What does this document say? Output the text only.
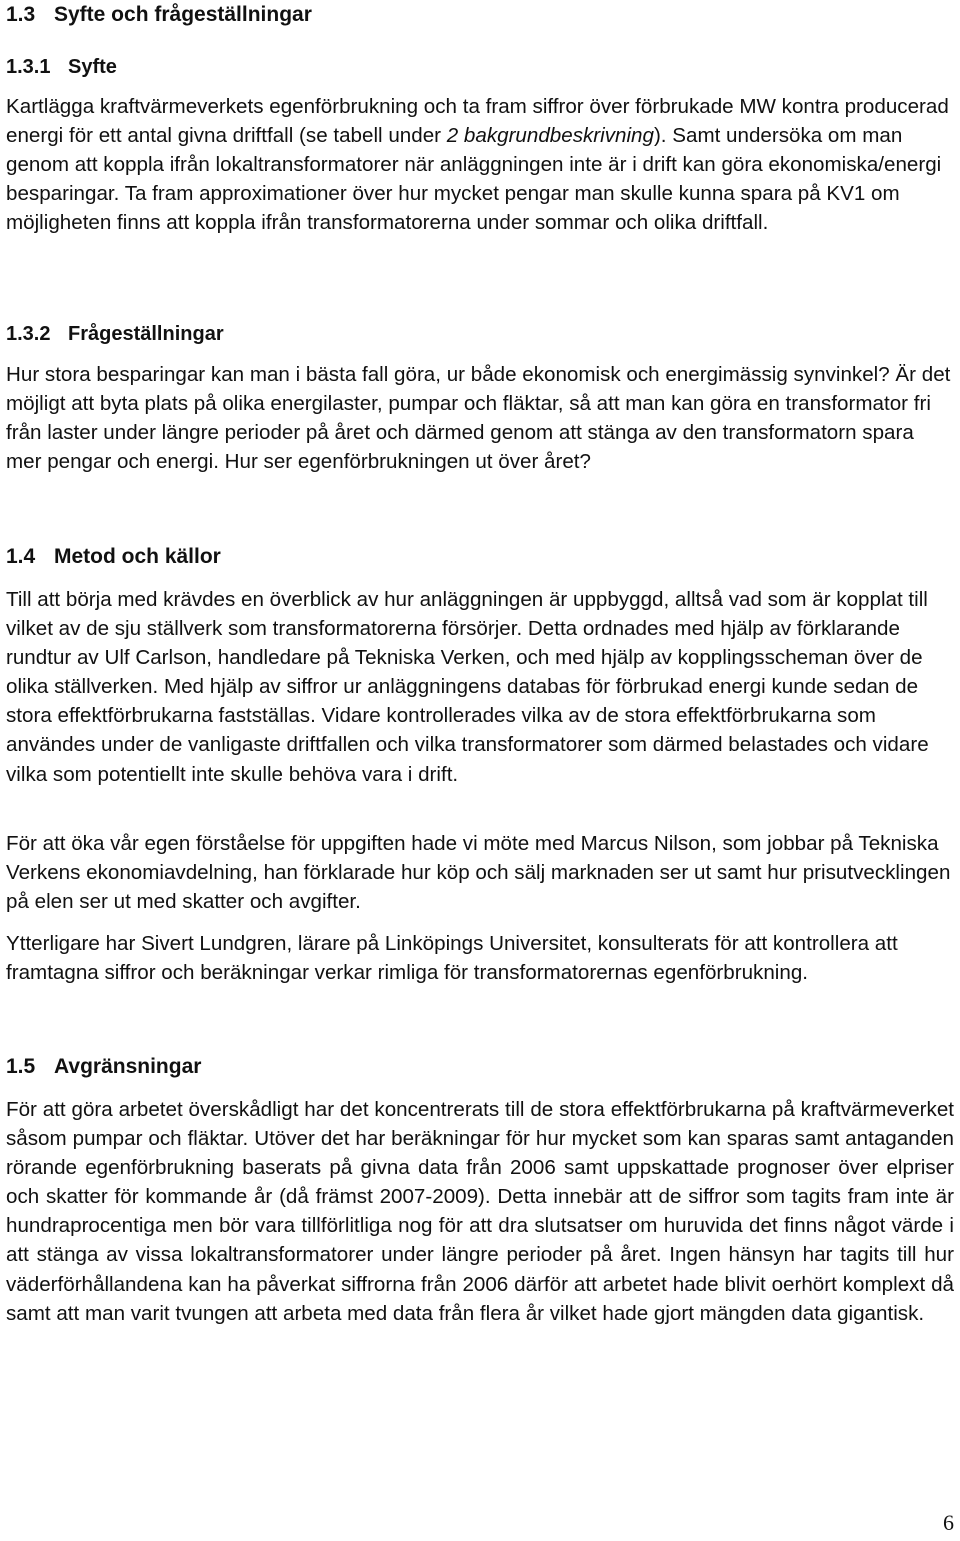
1.3 Syfte och frågeställningar
1.3.1 Syfte

Kartlägga kraftvärmeverkets egenförbrukning och ta fram siffror över förbrukade MW kontra producerad energi för ett antal givna driftfall (se tabell under 2 bakgrundbeskrivning). Samt undersöka om man genom att koppla ifrån lokaltransformatorer när anläggningen inte är i drift kan göra ekonomiska/energi besparingar. Ta fram approximationer över hur mycket pengar man skulle kunna spara på KV1 om möjligheten finns att koppla ifrån transformatorerna under sommar och olika driftfall.

1.3.2 Frågeställningar

Hur stora besparingar kan man i bästa fall göra, ur både ekonomisk och energimässig synvinkel? Är det möjligt att byta plats på olika energilaster, pumpar och fläktar, så att man kan göra en transformator fri från laster under längre perioder på året och därmed genom att stänga av den transformatorn spara mer pengar och energi. Hur ser egenförbrukningen ut över året?

1.4 Metod och källor

Till att börja med krävdes en överblick av hur anläggningen är uppbyggd, alltså vad som är kopplat till vilket av de sju ställverk som transformatorerna försörjer. Detta ordnades med hjälp av förklarande rundtur av Ulf Carlson, handledare på Tekniska Verken, och med hjälp av kopplingsscheman över de olika ställverken. Med hjälp av siffror ur anläggningens databas för förbrukad energi kunde sedan de stora effektförbrukarna fastställas. Vidare kontrollerades vilka av de stora effektförbrukarna som användes under de vanligaste driftfallen och vilka transformatorer som därmed belastades och vidare vilka som potentiellt inte skulle behöva vara i drift.

För att öka vår egen förståelse för uppgiften hade vi möte med Marcus Nilson, som jobbar på Tekniska Verkens ekonomiavdelning, han förklarade hur köp och sälj marknaden ser ut samt hur prisutvecklingen på elen ser ut med skatter och avgifter.

Ytterligare har Sivert Lundgren, lärare på Linköpings Universitet, konsulterats för att kontrollera att framtagna siffror och beräkningar verkar rimliga för transformatorernas egenförbrukning.

1.5 Avgränsningar

För att göra arbetet överskådligt har det koncentrerats till de stora effektförbrukarna på kraftvärmeverket såsom pumpar och fläktar. Utöver det har beräkningar för hur mycket som kan sparas samt antaganden rörande egenförbrukning baserats på givna data från 2006 samt uppskattade prognoser över elpriser och skatter för kommande år (då främst 2007-2009). Detta innebär att de siffror som tagits fram inte är hundraprocentiga men bör vara tillförlitliga nog för att dra slutsatser om huruvida det finns något värde i att stänga av vissa lokaltransformatorer under längre perioder på året. Ingen hänsyn har tagits till hur väderförhållandena kan ha påverkat siffrorna från 2006 därför att arbetet hade blivit oerhört komplext då samt att man varit tvungen att arbeta med data från flera år vilket hade gjort mängden data gigantisk.

6
